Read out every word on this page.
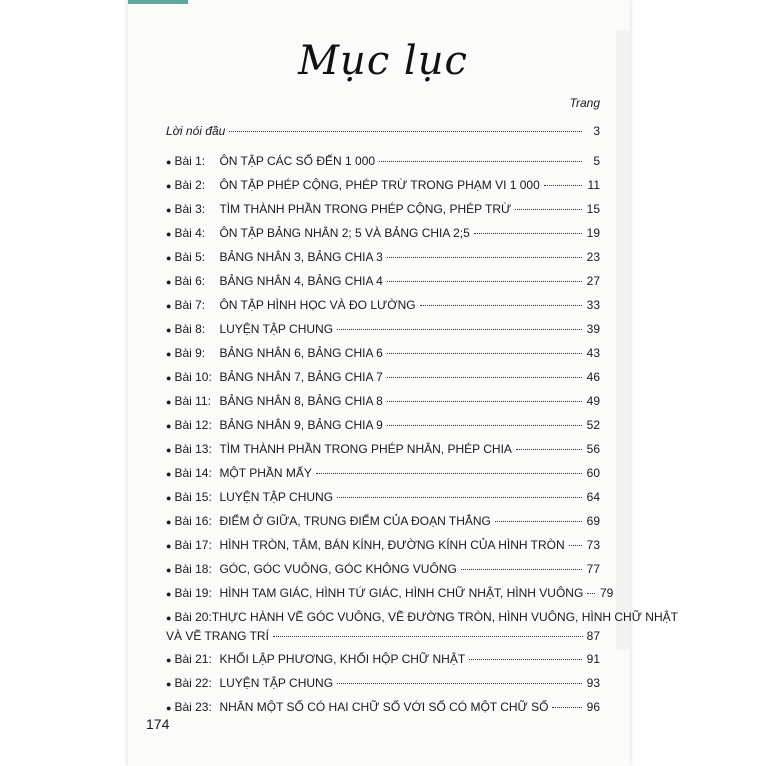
Mục lục
Trang
Lời nói đầu	3
● Bài 1:	ÔN TẬP CÁC SỐ ĐẾN 1 000	5
● Bài 2:	ÔN TẬP PHÉP CỘNG, PHÉP TRỪ TRONG PHẠM VI 1 000	11
● Bài 3:	TÌM THÀNH PHẦN TRONG PHÉP CỘNG, PHÉP TRỪ	15
● Bài 4:	ÔN TẬP BẢNG NHÂN 2; 5 VÀ BẢNG CHIA 2;5	19
● Bài 5:	BẢNG NHÂN 3, BẢNG CHIA 3	23
● Bài 6:	BẢNG NHÂN 4, BẢNG CHIA 4	27
● Bài 7:	ÔN TẬP HÌNH HỌC VÀ ĐO LƯỜNG	33
● Bài 8:	LUYỆN TẬP CHUNG	39
● Bài 9:	BẢNG NHÂN 6, BẢNG CHIA 6	43
● Bài 10: BẢNG NHÂN 7, BẢNG CHIA 7	46
● Bài 11: BẢNG NHÂN 8, BẢNG CHIA 8	49
● Bài 12: BẢNG NHÂN 9, BẢNG CHIA 9	52
● Bài 13: TÌM THÀNH PHẦN TRONG PHÉP NHÂN, PHÉP CHIA	56
● Bài 14: MỘT PHẦN MẤY	60
● Bài 15: LUYỆN TẬP CHUNG	64
● Bài 16: ĐIỂM Ở GIỮA, TRUNG ĐIỂM CỦA ĐOẠN THẲNG	69
● Bài 17: HÌNH TRÒN, TÂM, BÁN KÍNH, ĐƯỜNG KÍNH CỦA HÌNH TRÒN 73
● Bài 18: GÓC, GÓC VUÔNG, GÓC KHÔNG VUÔNG	77
● Bài 19: HÌNH TAM GIÁC, HÌNH TỨ GIÁC, HÌNH CHỮ NHẬT, HÌNH VUÔNG 79
● Bài 20: THỰC HÀNH VẼ GÓC VUÔNG, VẼ ĐƯỜNG TRÒN, HÌNH VUÔNG, HÌNH CHỮ NHẬT
VÀ VẼ TRANG TRÍ	87
● Bài 21: KHỐI LẬP PHƯƠNG, KHỐI HỘP CHỮ NHẬT	91
● Bài 22: LUYỆN TẬP CHUNG	93
● Bài 23: NHÂN MỘT SỐ CÓ HAI CHỮ SỐ VỚI SỐ CÓ MỘT CHỮ SỐ	96
174
